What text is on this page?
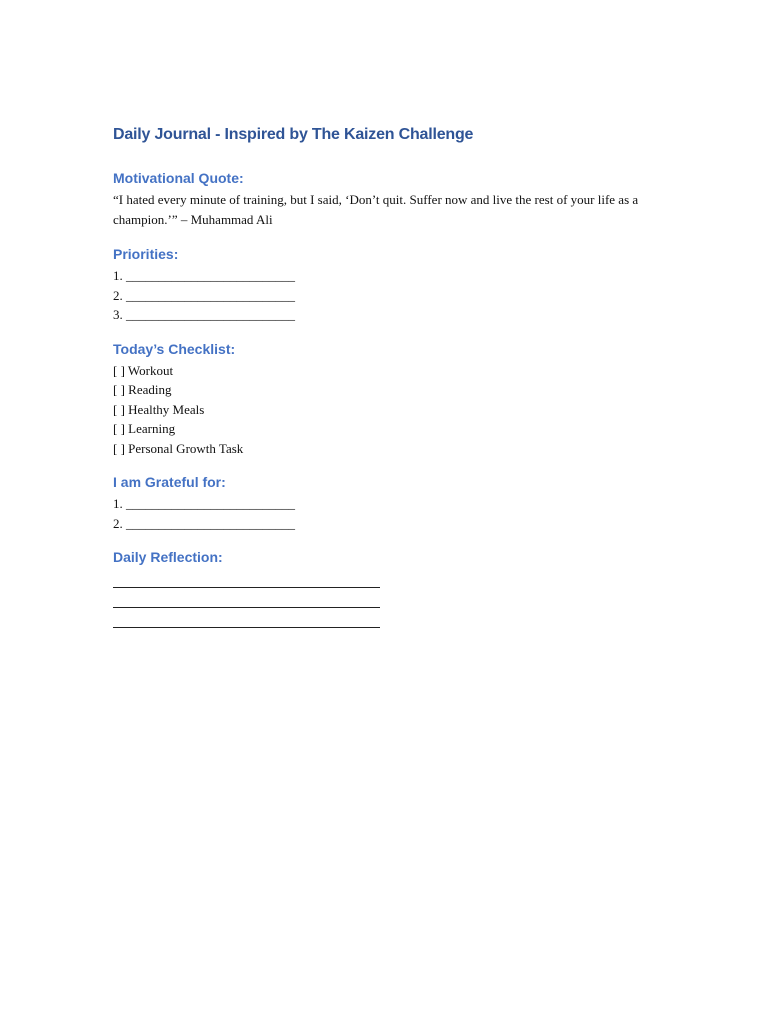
Daily Journal - Inspired by The Kaizen Challenge
Motivational Quote:

“I hated every minute of training, but I said, ‘Don’t quit. Suffer now and live the rest of your life as a champion.’” – Muhammad Ali

Priorities:
1. __________________________
2. __________________________
3. __________________________
Today’s Checklist:
[ ] Workout
[ ] Reading
[ ] Healthy Meals
[ ] Learning
[ ] Personal Growth Task
I am Grateful for:
1. __________________________
2. __________________________
Daily Reflection:
